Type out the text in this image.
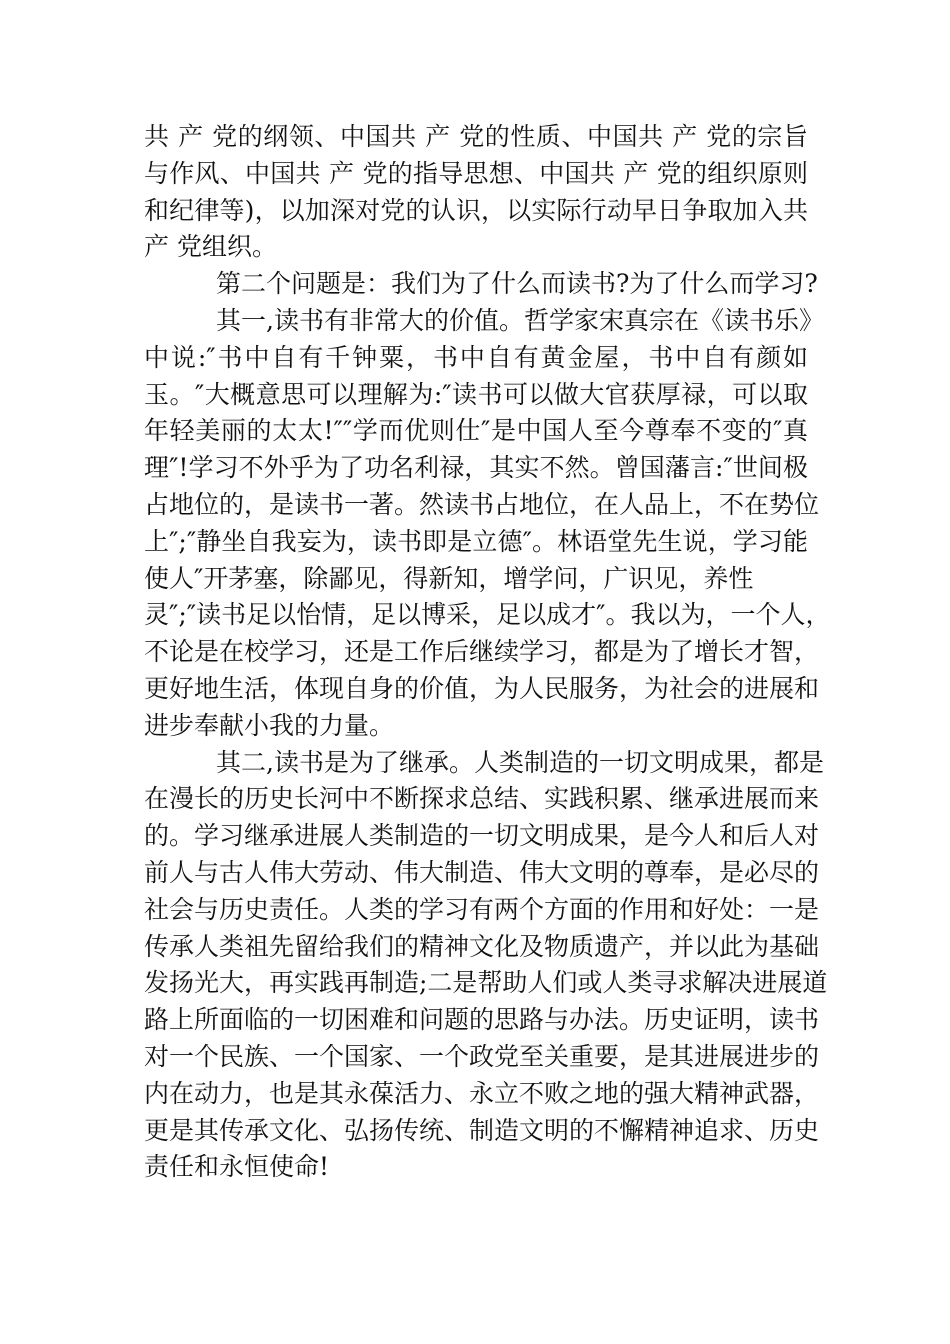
共 产 党的纲领、中国共 产 党的性质、中国共 产 党的宗旨
与作风、中国共 产 党的指导思想、中国共 产 党的组织原则
和纪律等)，以加深对党的认识，以实际行动早日争取加入共
产 党组织。
第二个问题是：我们为了什么而读书?为了什么而学习?
其一,读书有非常大的价值。哲学家宋真宗在《读书乐》
中说:″书中自有千钟粟，书中自有黄金屋，书中自有颜如
玉。″大概意思可以理解为:″读书可以做大官获厚禄，可以取
年轻美丽的太太!″″学而优则仕″是中国人至今尊奉不变的″真
理″!学习不外乎为了功名利禄，其实不然。曾国藩言:″世间极
占地位的，是读书一著。然读书占地位，在人品上，不在势位
上″;″静坐自我妄为，读书即是立德″。林语堂先生说，学习能
使人″开茅塞，除鄙见，得新知，增学问，广识见，养性
灵″;″读书足以怡情，足以博采，足以成才″。我以为，一个人，
不论是在校学习，还是工作后继续学习，都是为了增长才智，
更好地生活，体现自身的价值，为人民服务，为社会的进展和
进步奉献小我的力量。
其二,读书是为了继承。人类制造的一切文明成果，都是
在漫长的历史长河中不断探求总结、实践积累、继承进展而来
的。学习继承进展人类制造的一切文明成果，是今人和后人对
前人与古人伟大劳动、伟大制造、伟大文明的尊奉，是必尽的
社会与历史责任。人类的学习有两个方面的作用和好处：一是
传承人类祖先留给我们的精神文化及物质遗产，并以此为基础
发扬光大，再实践再制造;二是帮助人们或人类寻求解决进展道
路上所面临的一切困难和问题的思路与办法。历史证明，读书
对一个民族、一个国家、一个政党至关重要，是其进展进步的
内在动力，也是其永葆活力、永立不败之地的强大精神武器，
更是其传承文化、弘扬传统、制造文明的不懈精神追求、历史
责任和永恒使命!
